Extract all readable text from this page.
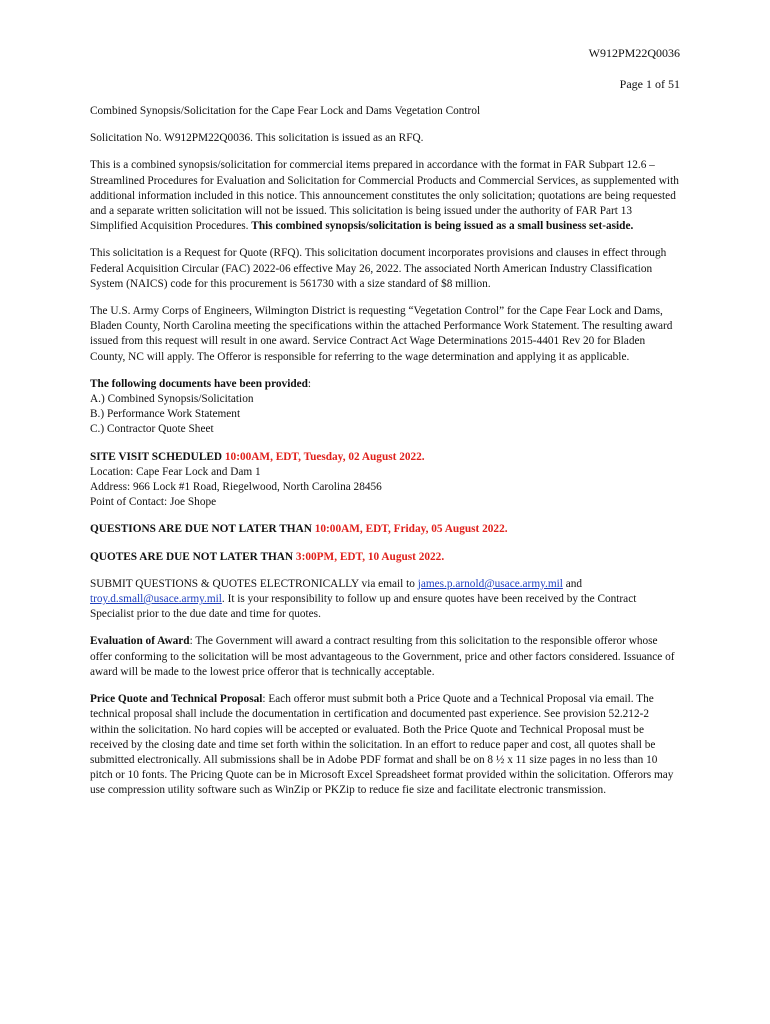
W912PM22Q0036
Page 1 of 51

Combined Synopsis/Solicitation for the Cape Fear Lock and Dams Vegetation Control

Solicitation No. W912PM22Q0036. This solicitation is issued as an RFQ.

This is a combined synopsis/solicitation for commercial items prepared in accordance with the format in FAR Subpart 12.6 – Streamlined Procedures for Evaluation and Solicitation for Commercial Products and Commercial Services, as supplemented with additional information included in this notice. This announcement constitutes the only solicitation; quotations are being requested and a separate written solicitation will not be issued. This solicitation is being issued under the authority of FAR Part 13 Simplified Acquisition Procedures. This combined synopsis/solicitation is being issued as a small business set-aside.

This solicitation is a Request for Quote (RFQ). This solicitation document incorporates provisions and clauses in effect through Federal Acquisition Circular (FAC) 2022-06 effective May 26, 2022. The associated North American Industry Classification System (NAICS) code for this procurement is 561730 with a size standard of $8 million.

The U.S. Army Corps of Engineers, Wilmington District is requesting “Vegetation Control” for the Cape Fear Lock and Dams, Bladen County, North Carolina meeting the specifications within the attached Performance Work Statement. The resulting award issued from this request will result in one award. Service Contract Act Wage Determinations 2015-4401 Rev 20 for Bladen County, NC will apply. The Offeror is responsible for referring to the wage determination and applying it as applicable.

The following documents have been provided:
A.) Combined Synopsis/Solicitation
B.) Performance Work Statement
C.) Contractor Quote Sheet

SITE VISIT SCHEDULED 10:00AM, EDT, Tuesday, 02 August 2022.
Location: Cape Fear Lock and Dam 1
Address: 966 Lock #1 Road, Riegelwood, North Carolina 28456
Point of Contact: Joe Shope

QUESTIONS ARE DUE NOT LATER THAN 10:00AM, EDT, Friday, 05 August 2022.

QUOTES ARE DUE NOT LATER THAN 3:00PM, EDT, 10 August 2022.

SUBMIT QUESTIONS & QUOTES ELECTRONICALLY via email to james.p.arnold@usace.army.mil and troy.d.small@usace.army.mil. It is your responsibility to follow up and ensure quotes have been received by the Contract Specialist prior to the due date and time for quotes.

Evaluation of Award: The Government will award a contract resulting from this solicitation to the responsible offeror whose offer conforming to the solicitation will be most advantageous to the Government, price and other factors considered. Issuance of award will be made to the lowest price offeror that is technically acceptable.

Price Quote and Technical Proposal: Each offeror must submit both a Price Quote and a Technical Proposal via email. The technical proposal shall include the documentation in certification and documented past experience. See provision 52.212-2 within the solicitation. No hard copies will be accepted or evaluated. Both the Price Quote and Technical Proposal must be received by the closing date and time set forth within the solicitation. In an effort to reduce paper and cost, all quotes shall be submitted electronically. All submissions shall be in Adobe PDF format and shall be on 8 ½ x 11 size pages in no less than 10 pitch or 10 fonts. The Pricing Quote can be in Microsoft Excel Spreadsheet format provided within the solicitation. Offerors may use compression utility software such as WinZip or PKZip to reduce fie size and facilitate electronic transmission.
